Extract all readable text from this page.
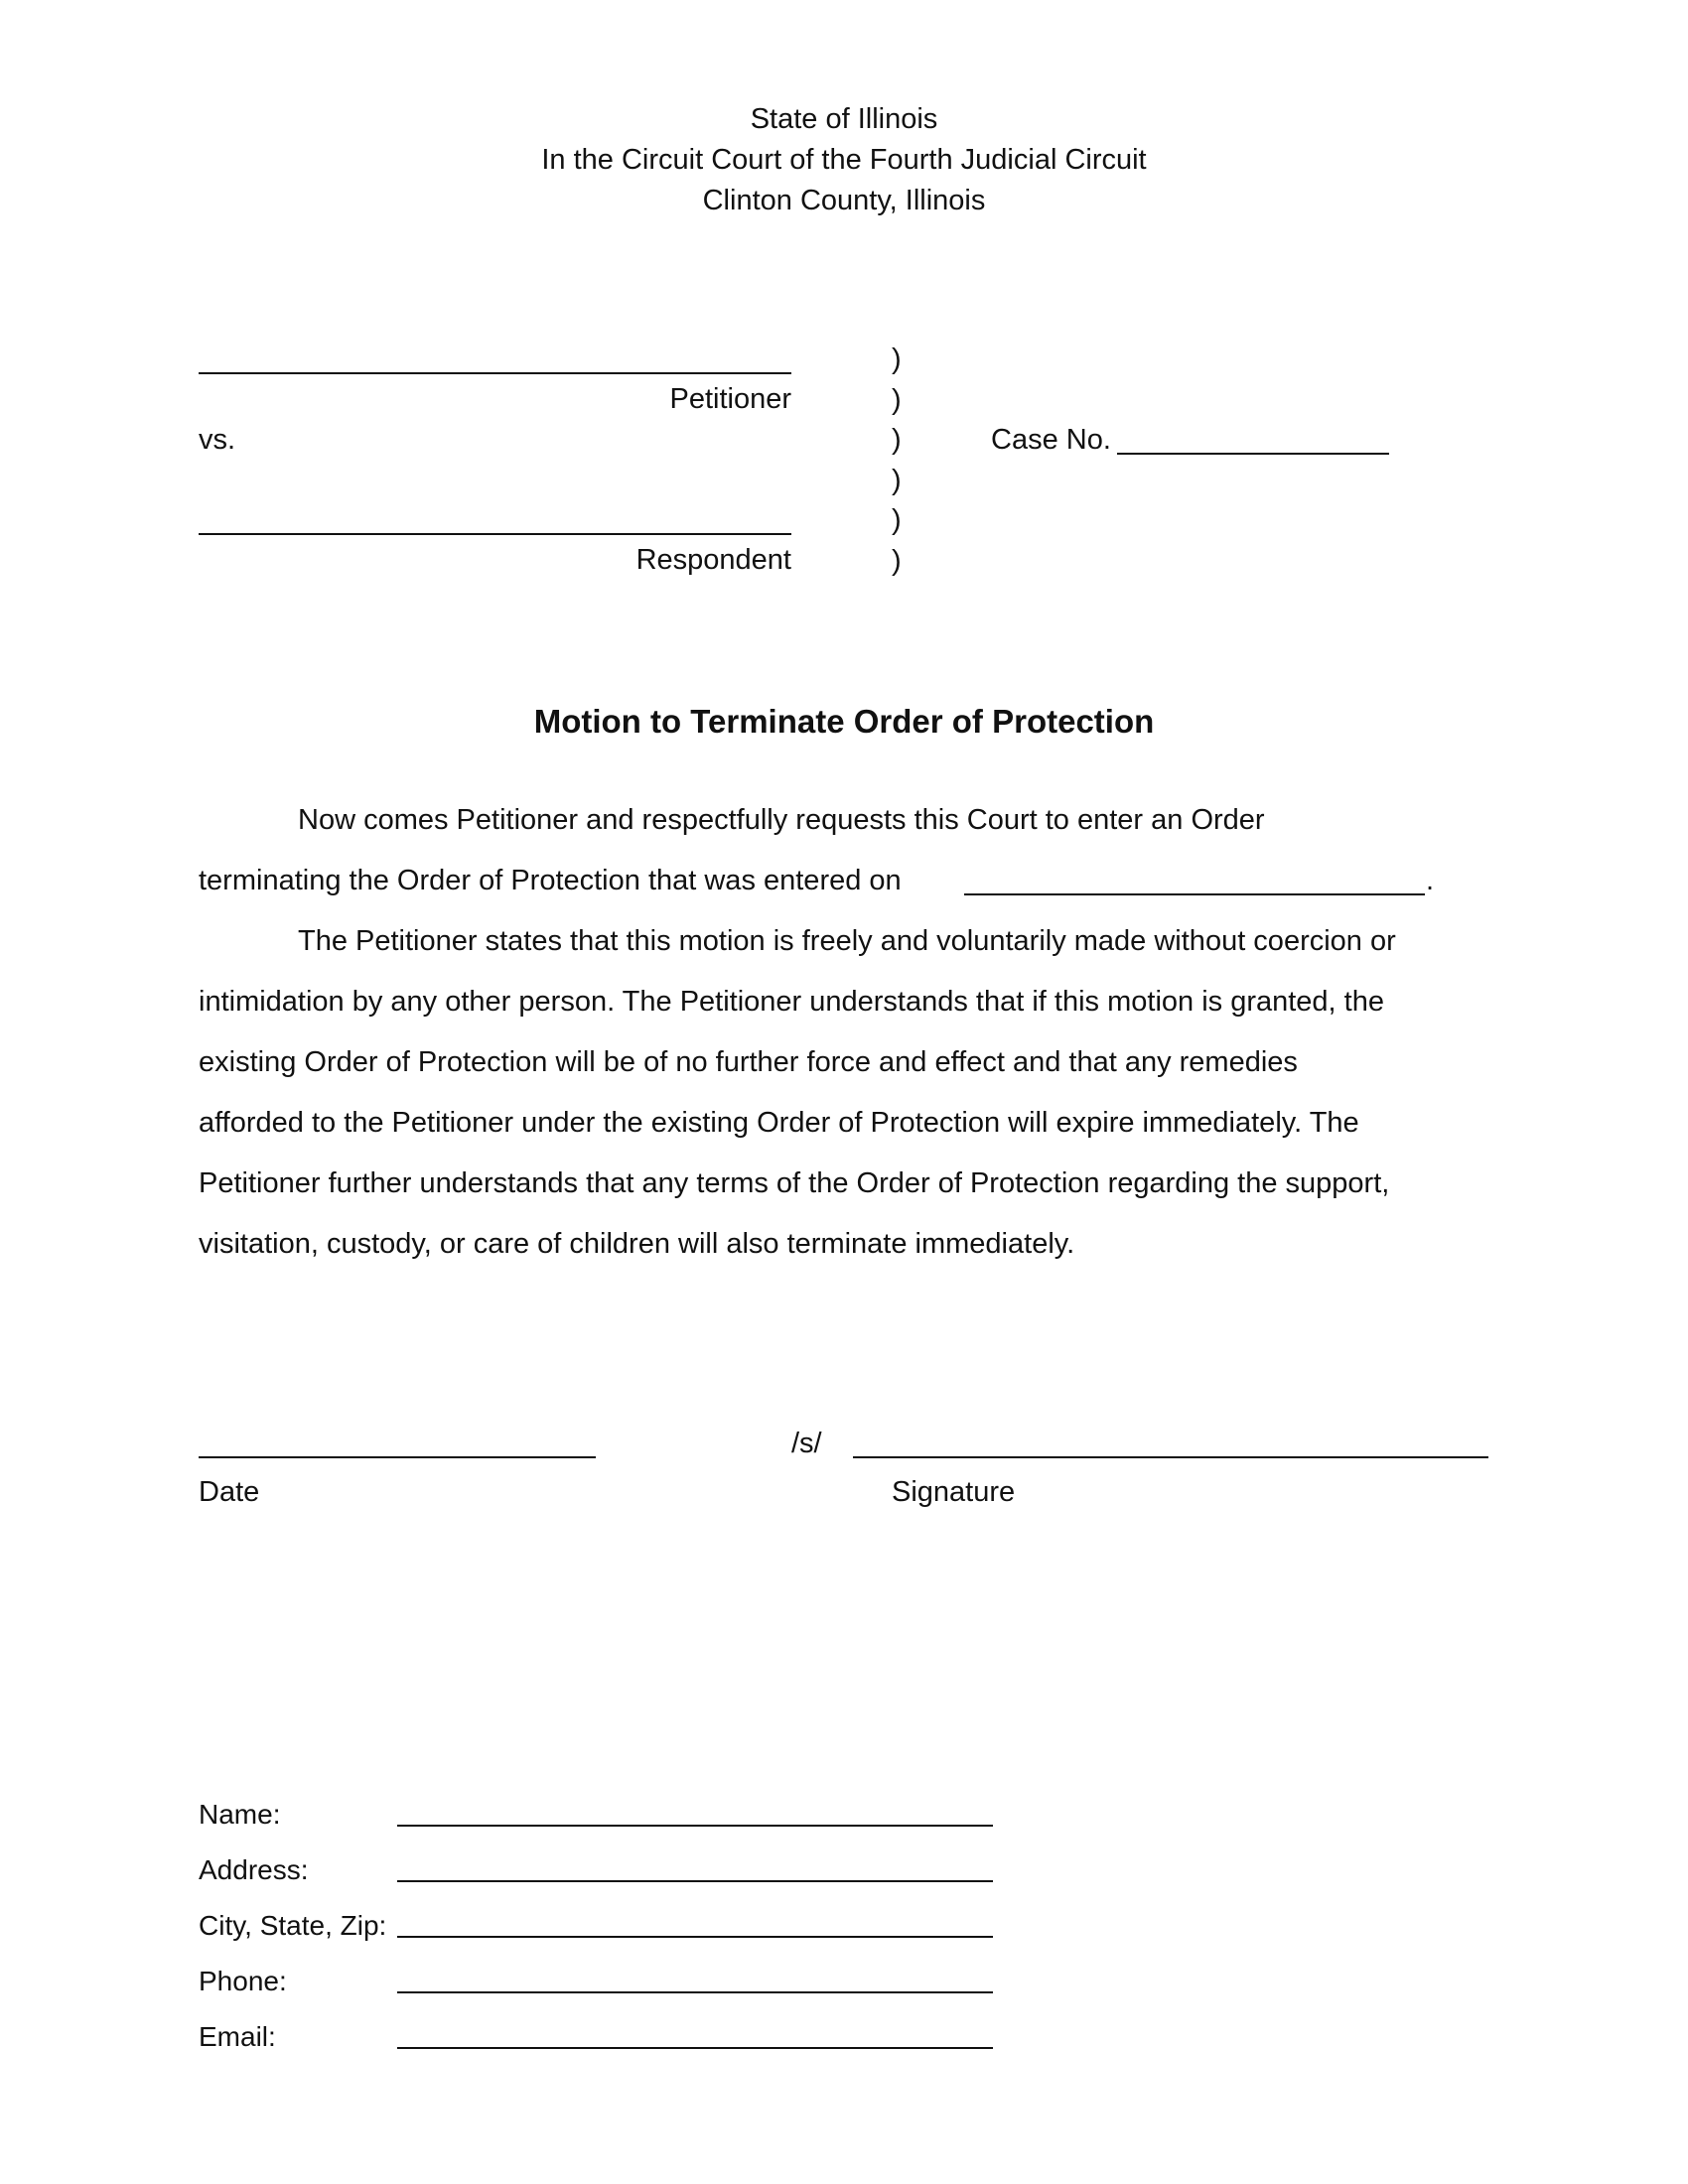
State of Illinois
In the Circuit Court of the Fourth Judicial Circuit
Clinton County, Illinois
Petitioner
vs.
Respondent
)
)
)
)
)
)
Case No.
Motion to Terminate Order of Protection
Now comes Petitioner and respectfully requests this Court to enter an Order
terminating the Order of Protection that was entered on	.
The Petitioner states that this motion is freely and voluntarily made without coercion or
intimidation by any other person. The Petitioner understands that if this motion is granted, the
existing Order of Protection will be of no further force and effect and that any remedies
afforded to the Petitioner under the existing Order of Protection will expire immediately. The
Petitioner further understands that any terms of the Order of Protection regarding the support,
visitation, custody, or care of children will also terminate immediately.
Date
/s/
Signature
Name:
Address:
City, State, Zip:
Phone:
Email:
